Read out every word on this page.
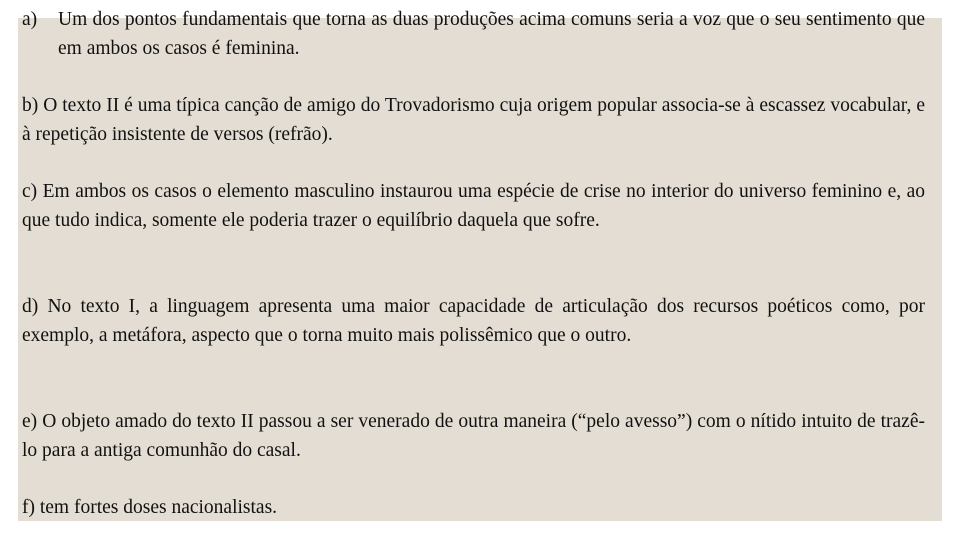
a) Um dos pontos fundamentais que torna as duas produções acima comuns seria a voz que o seu sentimento que em ambos os casos é feminina.

b) O texto II é uma típica canção de amigo do Trovadorismo cuja origem popular associa-se à escassez vocabular, e à repetição insistente de versos (refrão).

c) Em ambos os casos o elemento masculino instaurou uma espécie de crise no interior do universo feminino e, ao que tudo indica, somente ele poderia trazer o equilíbrio daquela que sofre.

d) No texto I, a linguagem apresenta uma maior capacidade de articulação dos recursos poéticos como, por exemplo, a metáfora, aspecto que o torna muito mais polissêmico que o outro.

e) O objeto amado do texto II passou a ser venerado de outra maneira (“pelo avesso”) com o nítido intuito de trazê-lo para a antiga comunhão do casal.

f) tem fortes doses nacionalistas.
